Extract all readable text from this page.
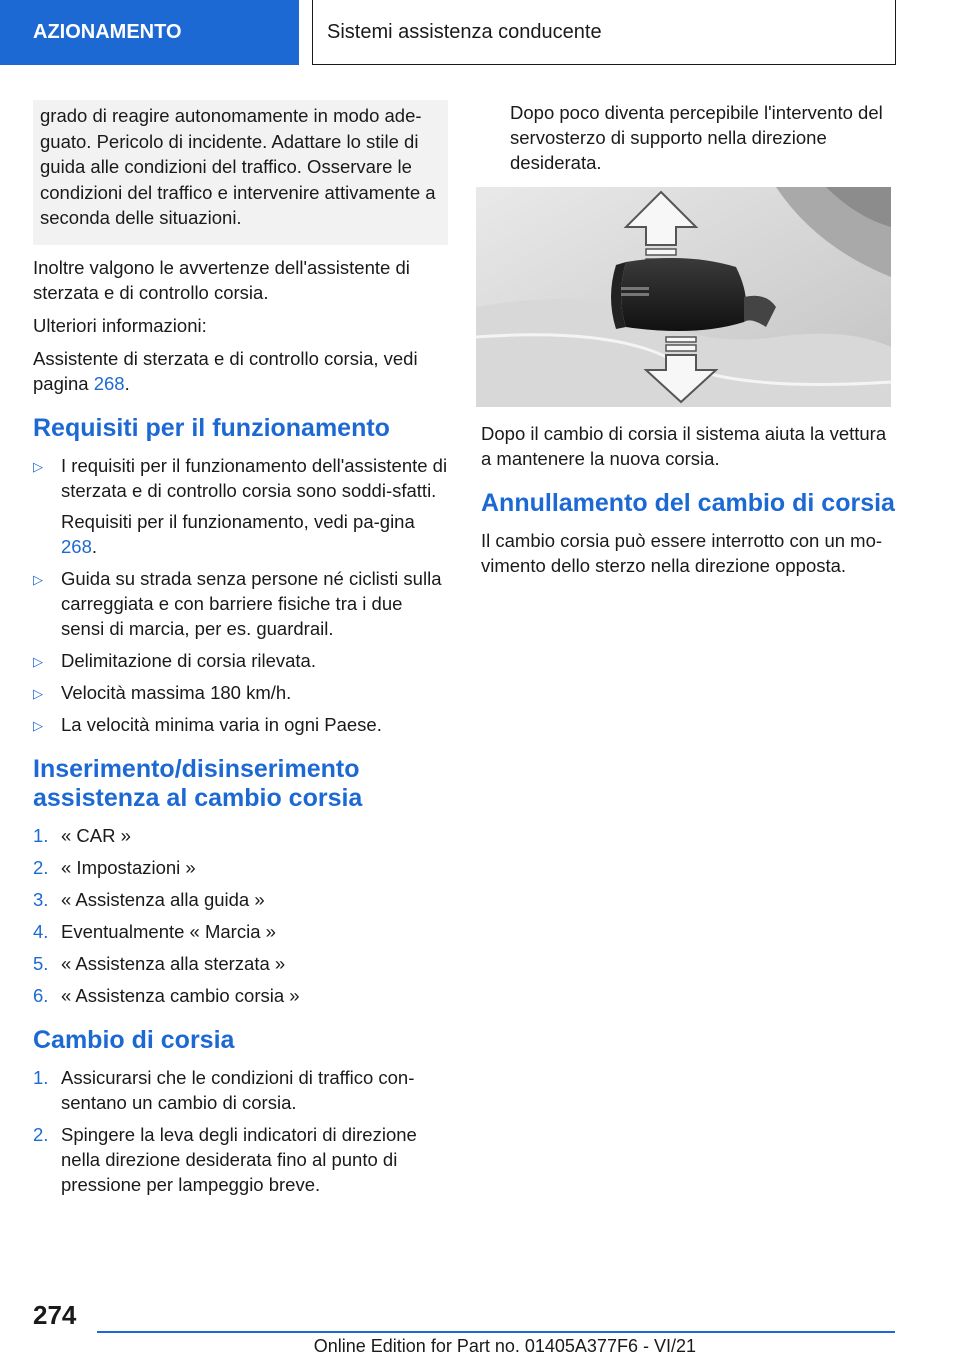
AZIONAMENTO	Sistemi assistenza conducente
grado di reagire autonomamente in modo ade-guato. Pericolo di incidente. Adattare lo stile di guida alle condizioni del traffico. Osservare le condizioni del traffico e intervenire attivamente a seconda delle situazioni.

Inoltre valgono le avvertenze dell'assistente di sterzata e di controllo corsia.

Ulteriori informazioni:

Assistente di sterzata e di controllo corsia, vedi pagina 268.

Requisiti per il funzionamento
▷ I requisiti per il funzionamento dell'assistente di sterzata e di controllo corsia sono soddi-sfatti.
Requisiti per il funzionamento, vedi pa-gina 268.
▷ Guida su strada senza persone né ciclisti sulla carreggiata e con barriere fisiche tra i due sensi di marcia, per es. guardrail.
▷ Delimitazione di corsia rilevata.
▷ Velocità massima 180 km/h.
▷ La velocità minima varia in ogni Paese.
Inserimento/disinserimento assistenza al cambio corsia
1. « CAR »
2. « Impostazioni »
3. « Assistenza alla guida »
4. Eventualmente « Marcia »
5. « Assistenza alla sterzata »
6. « Assistenza cambio corsia »
Cambio di corsia
1. Assicurarsi che le condizioni di traffico con-sentano un cambio di corsia.
2. Spingere la leva degli indicatori di direzione nella direzione desiderata fino al punto di pressione per lampeggio breve.

Dopo poco diventa percepibile l'intervento del servosterzo di supporto nella direzione desiderata.

Dopo il cambio di corsia il sistema aiuta la vettura a mantenere la nuova corsia.

Annullamento del cambio di corsia

Il cambio corsia può essere interrotto con un mo-vimento dello sterzo nella direzione opposta.

274
Online Edition for Part no. 01405A377F6 - VI/21
